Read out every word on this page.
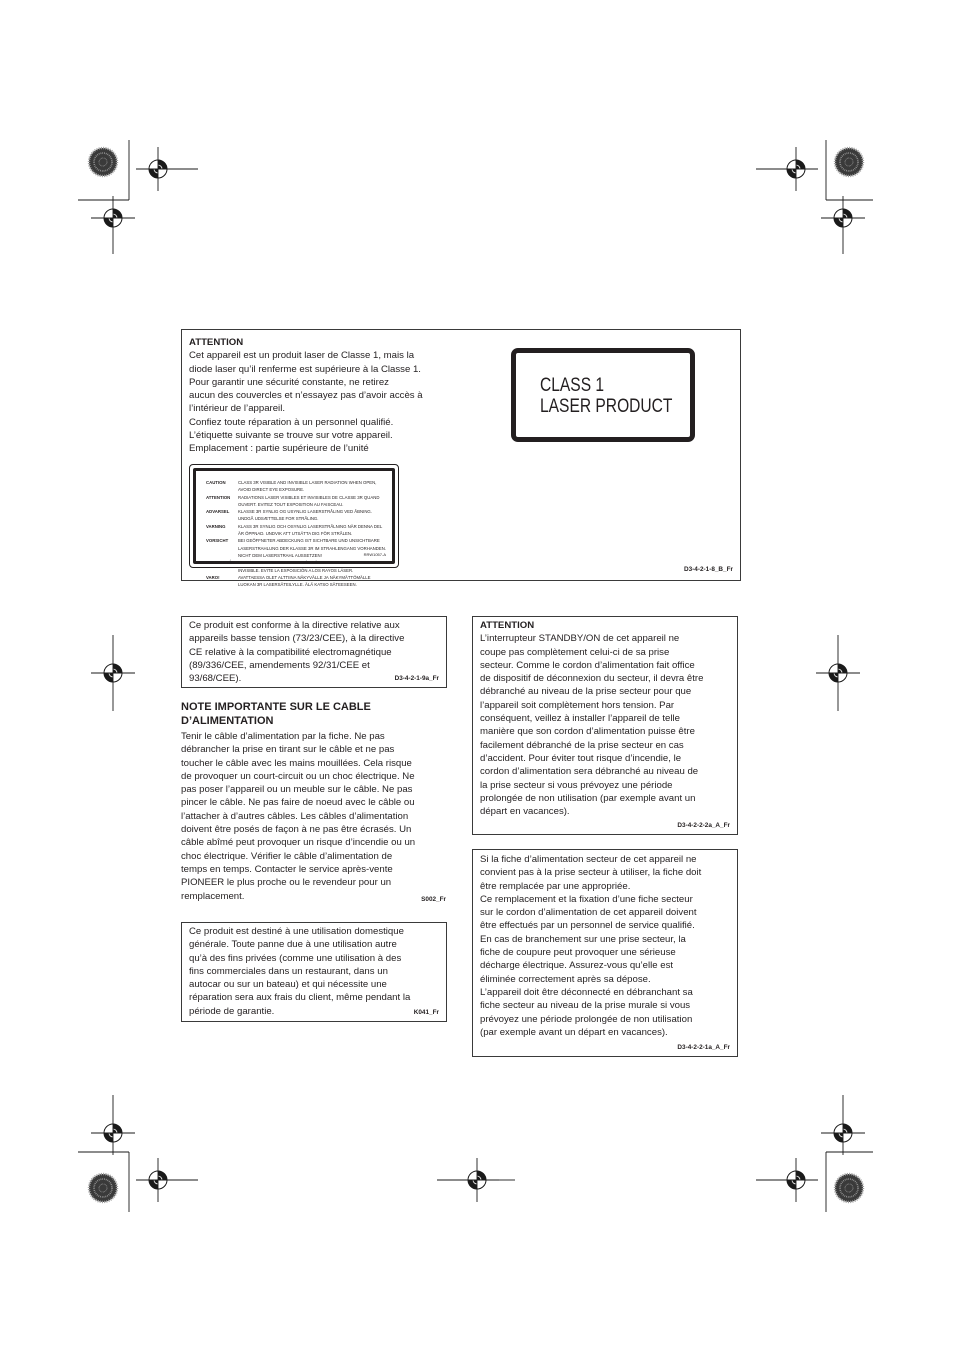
ATTENTION

Cet appareil est un produit laser de Classe 1, mais la

diode laser qu’il renferme est supérieure à la Classe 1.

Pour garantir une sécurité constante, ne retirez

aucun des couvercles et n’essayez pas d’avoir accès à

l’intérieur de l’appareil.

Confiez toute réparation à un personnel qualifié.

L’étiquette suivante se trouve sur votre appareil.

Emplacement : partie supérieure de l’unité

CLASS 1
LASER PRODUCT
CAUTION	CLASS 3R VISIBLE AND INVISIBLE LASER RADIATION WHEN OPEN, AVOID DIRECT EYE EXPOSURE.
ATTENTION	RADIATIONS LASER VISIBLES ET INVISIBLES DE CLASSE 3R QUAND OUVERT. EVITEZ TOUT EXPOSITION AU FAISCEAU.
ADVARSEL	KLASSE 3R SYNLIG OG USYNLIG LASERSTRÅLING VED ÅBNING. UNDGÅ UDSÆTTELSE FOR STRÅLING.
VARNING	KLASS 3R SYNLIG OCH OSYNLIG LASERSTRÅLNING NÄR DENNA DEL ÄR ÖPPNAD. UNDVIK ATT UTSÄTTA DIG FÖR STRÅLEN.
VORSICHT	BEI GEÖFFNETER ABDECKUNG IST SICHTBARE UND UNSICHTBARE LASERSTRAHLUNG DER KLASSE 3R IM STRAHLENGANG VORHANDEN. NICHT DEM LASERSTRAHL AUSSETZEN!
PRECAUCIÓN CUANDO SE ABRE HAY RADIACIÓN LÁSER DE CLASE 3R VISIBLE E INVISIBLE. EVITE LA EXPOSICIÓN A LOS RAYOS LÁSER.
VARO!	AVATTAESSA OLET ALTTIINA NÄKYVÄLLE JA NÄKYMÄTTÖMÄLLE LUOKAN 3R LASERSÄTEILYLLE. ÄLÄ KATSO SÄTEESEEN.
RRW1057-A
D3-4-2-1-8_B_Fr

Ce produit est conforme à la directive relative aux

appareils basse tension (73/23/CEE), à la directive

CE relative à la compatibilité electromagnétique

(89/336/CEE, amendements 92/31/CEE et

93/68/CEE).	D3-4-2-1-9a_Fr

NOTE IMPORTANTE SUR LE CABLE
D’ALIMENTATION

Tenir le câble d’alimentation par la fiche. Ne pas

débrancher la prise en tirant sur le câble et ne pas

toucher le câble avec les mains mouillées. Cela risque

de provoquer un court-circuit ou un choc électrique. Ne

pas poser l’appareil ou un meuble sur le câble. Ne pas

pincer le câble. Ne pas faire de noeud avec le câble ou

l’attacher à d’autres câbles. Les câbles d’alimentation

doivent être posés de façon à ne pas être écrasés. Un

câble abîmé peut provoquer un risque d’incendie ou un

choc électrique. Vérifier le câble d’alimentation de

temps en temps. Contacter le service après-vente

PIONEER le plus proche ou le revendeur pour un

remplacement.	S002_Fr

Ce produit est destiné à une utilisation domestique

générale. Toute panne due à une utilisation autre

qu’à des fins privées (comme une utilisation à des

fins commerciales dans un restaurant, dans un

autocar ou sur un bateau) et qui nécessite une

réparation sera aux frais du client, même pendant la

période de garantie.	K041_Fr

ATTENTION

L’interrupteur STANDBY/ON de cet appareil ne

coupe pas complètement celui-ci de sa prise

secteur. Comme le cordon d’alimentation fait office

de dispositif de déconnexion du secteur, il devra être

débranché au niveau de la prise secteur pour que

l’appareil soit complètement hors tension. Par

conséquent, veillez à installer l’appareil de telle

manière que son cordon d’alimentation puisse être

facilement débranché de la prise secteur en cas

d’accident. Pour éviter tout risque d’incendie, le

cordon d’alimentation sera débranché au niveau de

la prise secteur si vous prévoyez une période

prolongée de non utilisation (par exemple avant un

départ en vacances).

D3-4-2-2-2a_A_Fr

Si la fiche d’alimentation secteur de cet appareil ne

convient pas à la prise secteur à utiliser, la fiche doit

être remplacée par une appropriée.

Ce remplacement et la fixation d’une fiche secteur

sur le cordon d’alimentation de cet appareil doivent

être effectués par un personnel de service qualifié.

En cas de branchement sur une prise secteur, la

fiche de coupure peut provoquer une sérieuse

décharge électrique. Assurez-vous qu’elle est

éliminée correctement après sa dépose.

L’appareil doit être déconnecté en débranchant sa

fiche secteur au niveau de la prise murale si vous

prévoyez une période prolongée de non utilisation

(par exemple avant un départ en vacances).

D3-4-2-2-1a_A_Fr
